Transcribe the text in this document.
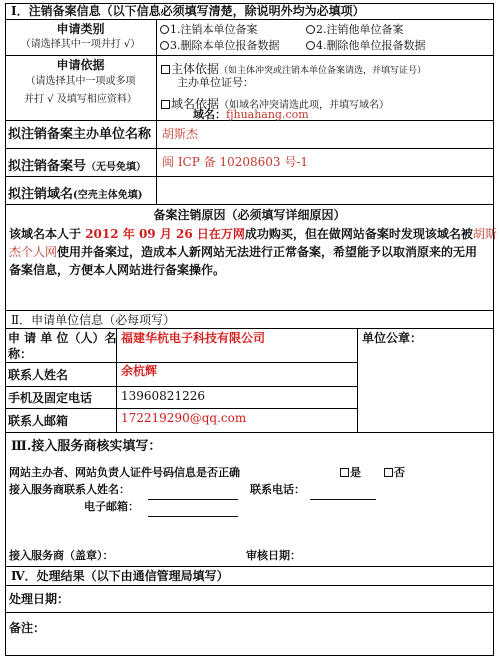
Ⅰ．注销备案信息（以下信息必须填写清楚，除说明外均为必填项）
申请类别
（请选择其中一项并打 √）
1.注销本单位备案	2.注销他单位备案
3.删除本单位报备数据	4.删除他单位报备数据
申请依据
（请选择其中一项或多项
并打 √ 及填写相应资料）
主体依据（如主体冲突或注销本单位备案请选，并填写证号）
主办单位证号：
域名依据（如域名冲突请选此项，并填写域名）
域名：fjhuahang.com
拟注销备案主办单位名称 胡斯杰
拟注销备案号（无号免填） 闽 ICP 备 10208603 号-1
拟注销域名(空壳主体免填)
备案注销原因（必须填写详细原因）
该域名本人于 2012 年 09 月 26 日在万网成功购买，但在做网站备案时发现该域名被胡斯
杰个人网使用并备案过，造成本人新网站无法进行正常备案，希望能予以取消原来的无用
备案信息，方便本人网站进行备案操作。
Ⅱ．申请单位信息（必每项写）
申 请 单 位（人）名
称：
福建华杭电子科技有限公司	单位公章：
联系人姓名	余杭辉
手机及固定电话 13960821226
联系人邮箱	172219290@qq.com
Ⅲ.接入服务商核实填写：
网站主办者、网站负责人证件号码信息是否正确	是	否
接入服务商联系人姓名：	联系电话：
电子邮箱：
接入服务商（盖章）：	审核日期：
Ⅳ．处理结果（以下由通信管理局填写）
处理日期：
备注：
